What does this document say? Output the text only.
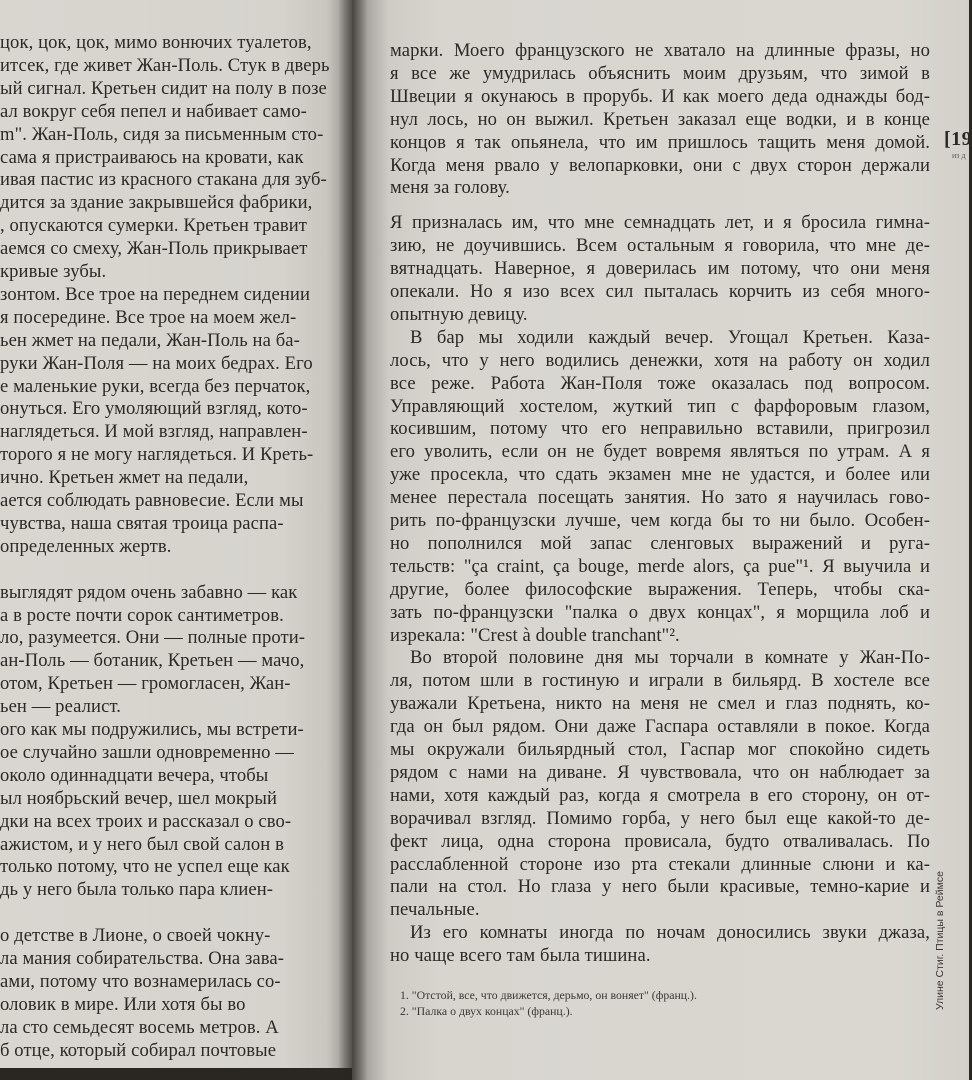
цок, цок, цок, мимо вонючих туалетов,
итсек, где живет Жан-Поль. Стук в дверь
ый сигнал. Кретьен сидит на полу в позе
ал вокруг себя пепел и набивает само-
m". Жан-Поль, сидя за письменным сто-
сама я пристраиваюсь на кровати, как
ивая пастис из красного стакана для зуб-
дится за здание закрывшейся фабрики,
, опускаются сумерки. Кретьен травит
аемся со смеху, Жан-Поль прикрывает
кривые зубы.
зонтом. Все трое на переднем сидении
я посередине. Все трое на моем жел-
ьен жмет на педали, Жан-Поль на ба-
руки Жан-Поля — на моих бедрах. Его
е маленькие руки, всегда без перчаток,
онуться. Его умоляющий взгляд, кото-
наглядеться. И мой взгляд, направлен-
торого я не могу наглядеться. И Креть-
ично. Кретьен жмет на педали,
ается соблюдать равновесие. Если мы
чувства, наша святая троица распа-
определенных жертв.
выглядят рядом очень забавно — как
а в росте почти сорок сантиметров.
ло, разумеется. Они — полные проти-
ан-Поль — ботаник, Кретьен — мачо,
отом, Кретьен — громогласен, Жан-
ьен — реалист.
ого как мы подружились, мы встрети-
ое случайно зашли одновременно —
около одиннадцати вечера, чтобы
ыл ноябрьский вечер, шел мокрый
дки на всех троих и рассказал о сво-
ажистом, и у него был свой салон в
только потому, что не успел еще как
дь у него была только пара клиен-
о детстве в Лионе, о своей чокну-
ла мания собирательства. Она зава-
ами, потому что вознамерилась со-
оловик в мире. Или хотя бы во
ла сто семьдесят восемь метров. А
б отце, который собирал почтовые
марки. Моего французского не хватало на длинные фразы, но
я все же умудрилась объяснить моим друзьям, что зимой в
Швеции я окунаюсь в прорубь. И как моего деда однажды бод-
нул лось, но он выжил. Кретьен заказал еще водки, и в конце
концов я так опьянела, что им пришлось тащить меня домой.
Когда меня рвало у велопарковки, они с двух сторон держали
меня за голову.
Я призналась им, что мне семнадцать лет, и я бросила гимна-
зию, не доучившись. Всем остальным я говорила, что мне де-
вятнадцать. Наверное, я доверилась им потому, что они меня
опекали. Но я изо всех сил пыталась корчить из себя много-
опытную девицу.
В бар мы ходили каждый вечер. Угощал Кретьен. Каза-
лось, что у него водились денежки, хотя на работу он ходил
все реже. Работа Жан-Поля тоже оказалась под вопросом.
Управляющий хостелом, жуткий тип с фарфоровым глазом,
косившим, потому что его неправильно вставили, пригрозил
его уволить, если он не будет вовремя являться по утрам. А я
уже просекла, что сдать экзамен мне не удастся, и более или
менее перестала посещать занятия. Но зато я научилась гово-
рить по-французски лучше, чем когда бы то ни было. Особен-
но пополнился мой запас сленговых выражений и руга-
тельств: "ça craint, ça bouge, merde alors, ça pue"¹. Я выучила и
другие, более философские выражения. Теперь, чтобы ска-
зать по-французски "палка о двух концах", я морщила лоб и
изрекала: "Crest à double tranchant"².
Во второй половине дня мы торчали в комнате у Жан-По-
ля, потом шли в гостиную и играли в бильярд. В хостеле все
уважали Кретьена, никто на меня не смел и глаз поднять, ко-
гда он был рядом. Они даже Гаспара оставляли в покое. Когда
мы окружали бильярдный стол, Гаспар мог спокойно сидеть
рядом с нами на диване. Я чувствовала, что он наблюдает за
нами, хотя каждый раз, когда я смотрела в его сторону, он от-
ворачивал взгляд. Помимо горба, у него был еще какой-то де-
фект лица, одна сторона провисала, будто отваливалась. По
расслабленной стороне изо рта стекали длинные слюни и ка-
пали на стол. Но глаза у него были красивые, темно-карие и
печальные.
Из его комнаты иногда по ночам доносились звуки джаза,
но чаще всего там была тишина.
1. "Отстой, все, что движется, дерьмо, он воняет" (франц.).
2. "Палка о двух концах" (франц.).
[19
из д
Улине Стиг. Птицы в Реймсе
